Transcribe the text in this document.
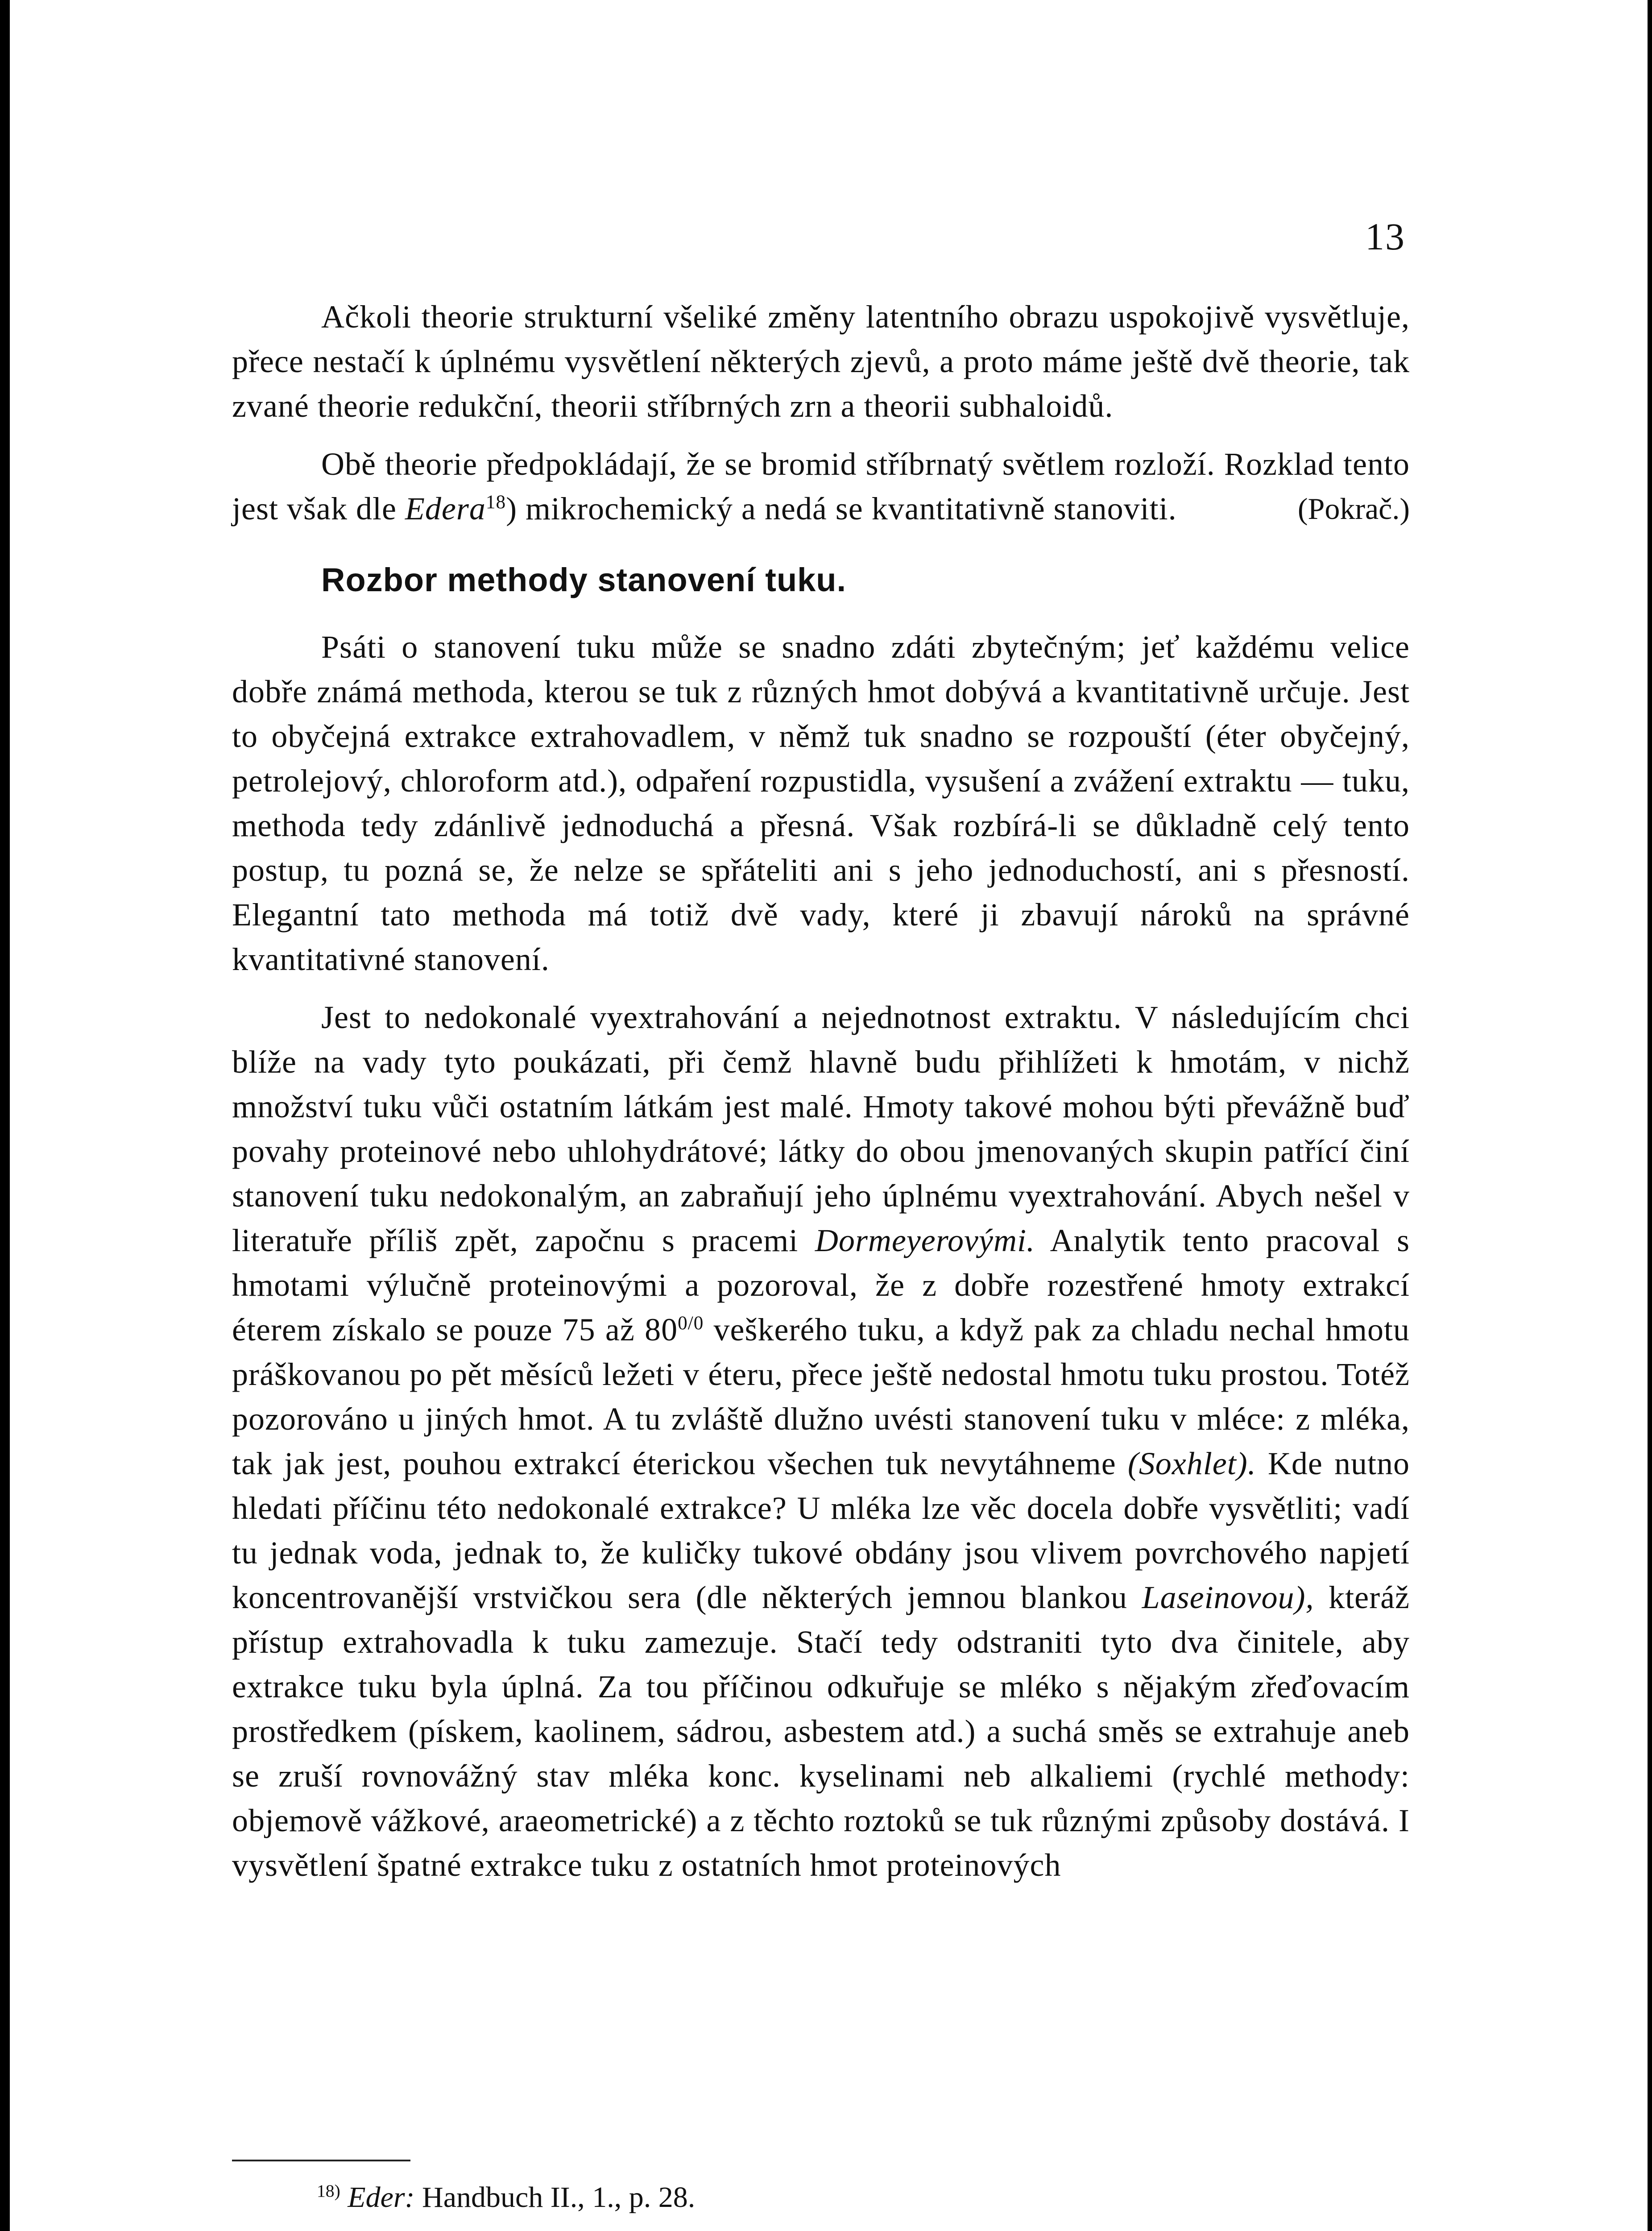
13

Ačkoli theorie strukturní všeliké změny latentního obrazu uspokojivě vysvětluje, přece nestačí k úplnému vysvětlení některých zjevů, a proto máme ještě dvě theorie, tak zvané theorie redukční, theorii stříbrných zrn a theorii subhaloidů.

Obě theorie předpokládají, že se bromid stříbrnatý světlem rozloží. Rozklad tento jest však dle Edera$^{18}$) mikrochemický a nedá se kvantitativně stanoviti.	(Pokrač.)
Rozbor methody stanovení tuku.

Psáti o stanovení tuku může se snadno zdáti zbytečným; jeť každému velice dobře známá methoda, kterou se tuk z různých hmot dobývá a kvantitativně určuje. Jest to obyčejná extrakce extrahovadlem, v němž tuk snadno se rozpouští (éter obyčejný, petrolejový, chloroform atd.), odpaření rozpustidla, vysušení a zvážení extraktu — tuku, methoda tedy zdánlivě jednoduchá a přesná. Však rozbírá-li se důkladně celý tento postup, tu pozná se, že nelze se spřáteliti ani s jeho jednoduchostí, ani s přesností. Elegantní tato methoda má totiž dvě vady, které ji zbavují nároků na správné kvantitativné stanovení.

Jest to nedokonalé vyextrahování a nejednotnost extraktu. V následujícím chci blíže na vady tyto poukázati, při čemž hlavně budu přihlížeti k hmotám, v nichž množství tuku vůči ostatním látkám jest malé. Hmoty takové mohou býti převážně buď povahy proteinové nebo uhlohydrátové; látky do obou jmenovaných skupin patřící činí stanovení tuku nedokonalým, an zabraňují jeho úplnému vyextrahování. Abych nešel v literatuře příliš zpět, započnu s pracemi Dormeyerovými. Analytik tento pracoval s hmotami výlučně proteinovými a pozoroval, že z dobře rozestřené hmoty extrakcí éterem získalo se pouze 75 až $80^{0/0}$ veškerého tuku, a když pak za chladu nechal hmotu práškovanou po pět měsíců ležeti v éteru, přece ještě nedostal hmotu tuku prostou. Totéž pozorováno u jiných hmot. A tu zvláště dlužno uvésti stanovení tuku v mléce: z mléka, tak jak jest, pouhou extrakcí éterickou všechen tuk nevytáhneme (Soxhlet). Kde nutno hledati příčinu této nedokonalé extrakce? U mléka lze věc docela dobře vysvětliti; vadí tu jednak voda, jednak to, že kuličky tukové obdány jsou vlivem povrchového napjetí koncentrovanější vrstvičkou sera (dle některých jemnou blankou Laseinovou), kteráž přístup extrahovadla k tuku zamezuje. Stačí tedy odstraniti tyto dva činitele, aby extrakce tuku byla úplná. Za tou příčinou odkuřuje se mléko s nějakým zřeďovacím prostředkem (pískem, kaolinem, sádrou, asbestem atd.) a suchá směs se extrahuje aneb se zruší rovnovážný stav mléka konc. kyselinami neb alkaliemi (rychlé methody: objemově vážkové, araeometrické) a z těchto roztoků se tuk různými způsoby dostává. I vysvětlení špatné extrakce tuku z ostatních hmot proteinových

$^{18)}$ Eder: Handbuch II., 1., p. 28.
